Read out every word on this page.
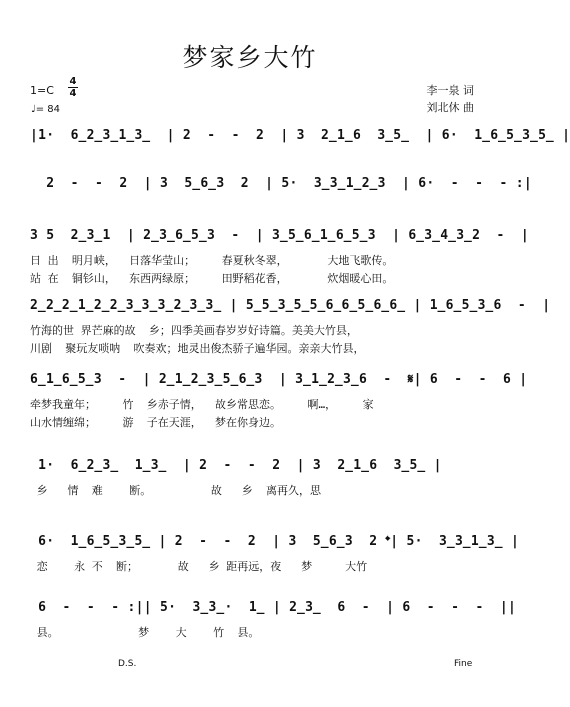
梦家乡大竹
1=C
4
4
♩= 84
李一泉 词
刘北休 曲
|1·  6̲2̲3̲1̲3̲  | 2  -  -  2  | 3  2̲1̲6  3̲5̲  | 6·  1̲6̲5̲3̲5̲ |
2  -  -  2  | 3  5̲6̲3  2  | 5·  3̲3̲1̲2̲3  | 6·  -  -  - :|
3 5  2̲3̲1  | 2̲3̲6̲5̲3  -  | 3̲5̲6̲1̲6̲5̲3  | 6̲3̲4̲3̲2  -  |
日 出  明月峡，  日落华莹山；    春夏秋冬翠，      大地飞歌传。
站 在  铜钐山，  东西两绿原；    田野稻花香，      炊烟暖心田。
2̲2̲2̲1̲2̲2̲3̲3̲3̲2̲3̲3̲ | 5̲5̲3̲5̲5̲6̲6̲5̲6̲6̲ | 1̲6̲5̲3̲6  -  |
竹海的世 界芒麻的故  乡；四季美画春岁岁好诗篇。美美大竹县，
川剧  聚玩友唢呐  吹奏欢；地灵出俊杰骄子遍华园。亲亲大竹县，
6̲1̲6̲5̲3  -  | 2̲1̲2̲3̲5̲6̲3  | 3̲1̲2̲3̲6  -  𝄋| 6  -  -  6 |
牵梦我童年；    竹  乡赤子情，  故乡常思恋。    啊…，    家
山水情缠绵；    游  子在天涯，  梦在你身边。
1·  6̲2̲3̲  1̲3̲  | 2  -  -  2  | 3  2̲1̲6  3̲5̲ |
乡   情  难    断。         故   乡  离再久，思
6·  1̲6̲5̲3̲5̲ | 2  -  -  2  | 3  5̲6̲3  2 𝄌| 5·  3̲3̲1̲3̲ |
恋    永 不  断；      故   乡 距再远，夜   梦     大竹
6  -  -  - :|| 5·  3̲3̲·  1̲ | 2̲3̲  6  -  | 6  -  -  -  ||
县。            梦    大    竹  县。
D.S.	Fine
